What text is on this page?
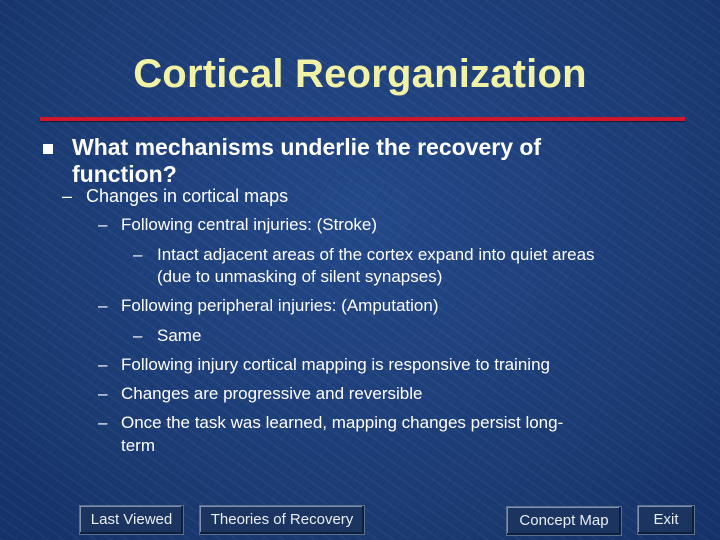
Cortical Reorganization
What mechanisms underlie the recovery of
function?
– Changes in cortical maps
– Following central injuries: (Stroke)
– Intact adjacent areas of the cortex expand into quiet areas
(due to unmasking of silent synapses)
– Following peripheral injuries: (Amputation)
– Same
– Following injury cortical mapping is responsive to training
– Changes are progressive and reversible
– Once the task was learned, mapping changes persist long-
term
Last Viewed	Theories of Recovery	Concept Map	Exit
